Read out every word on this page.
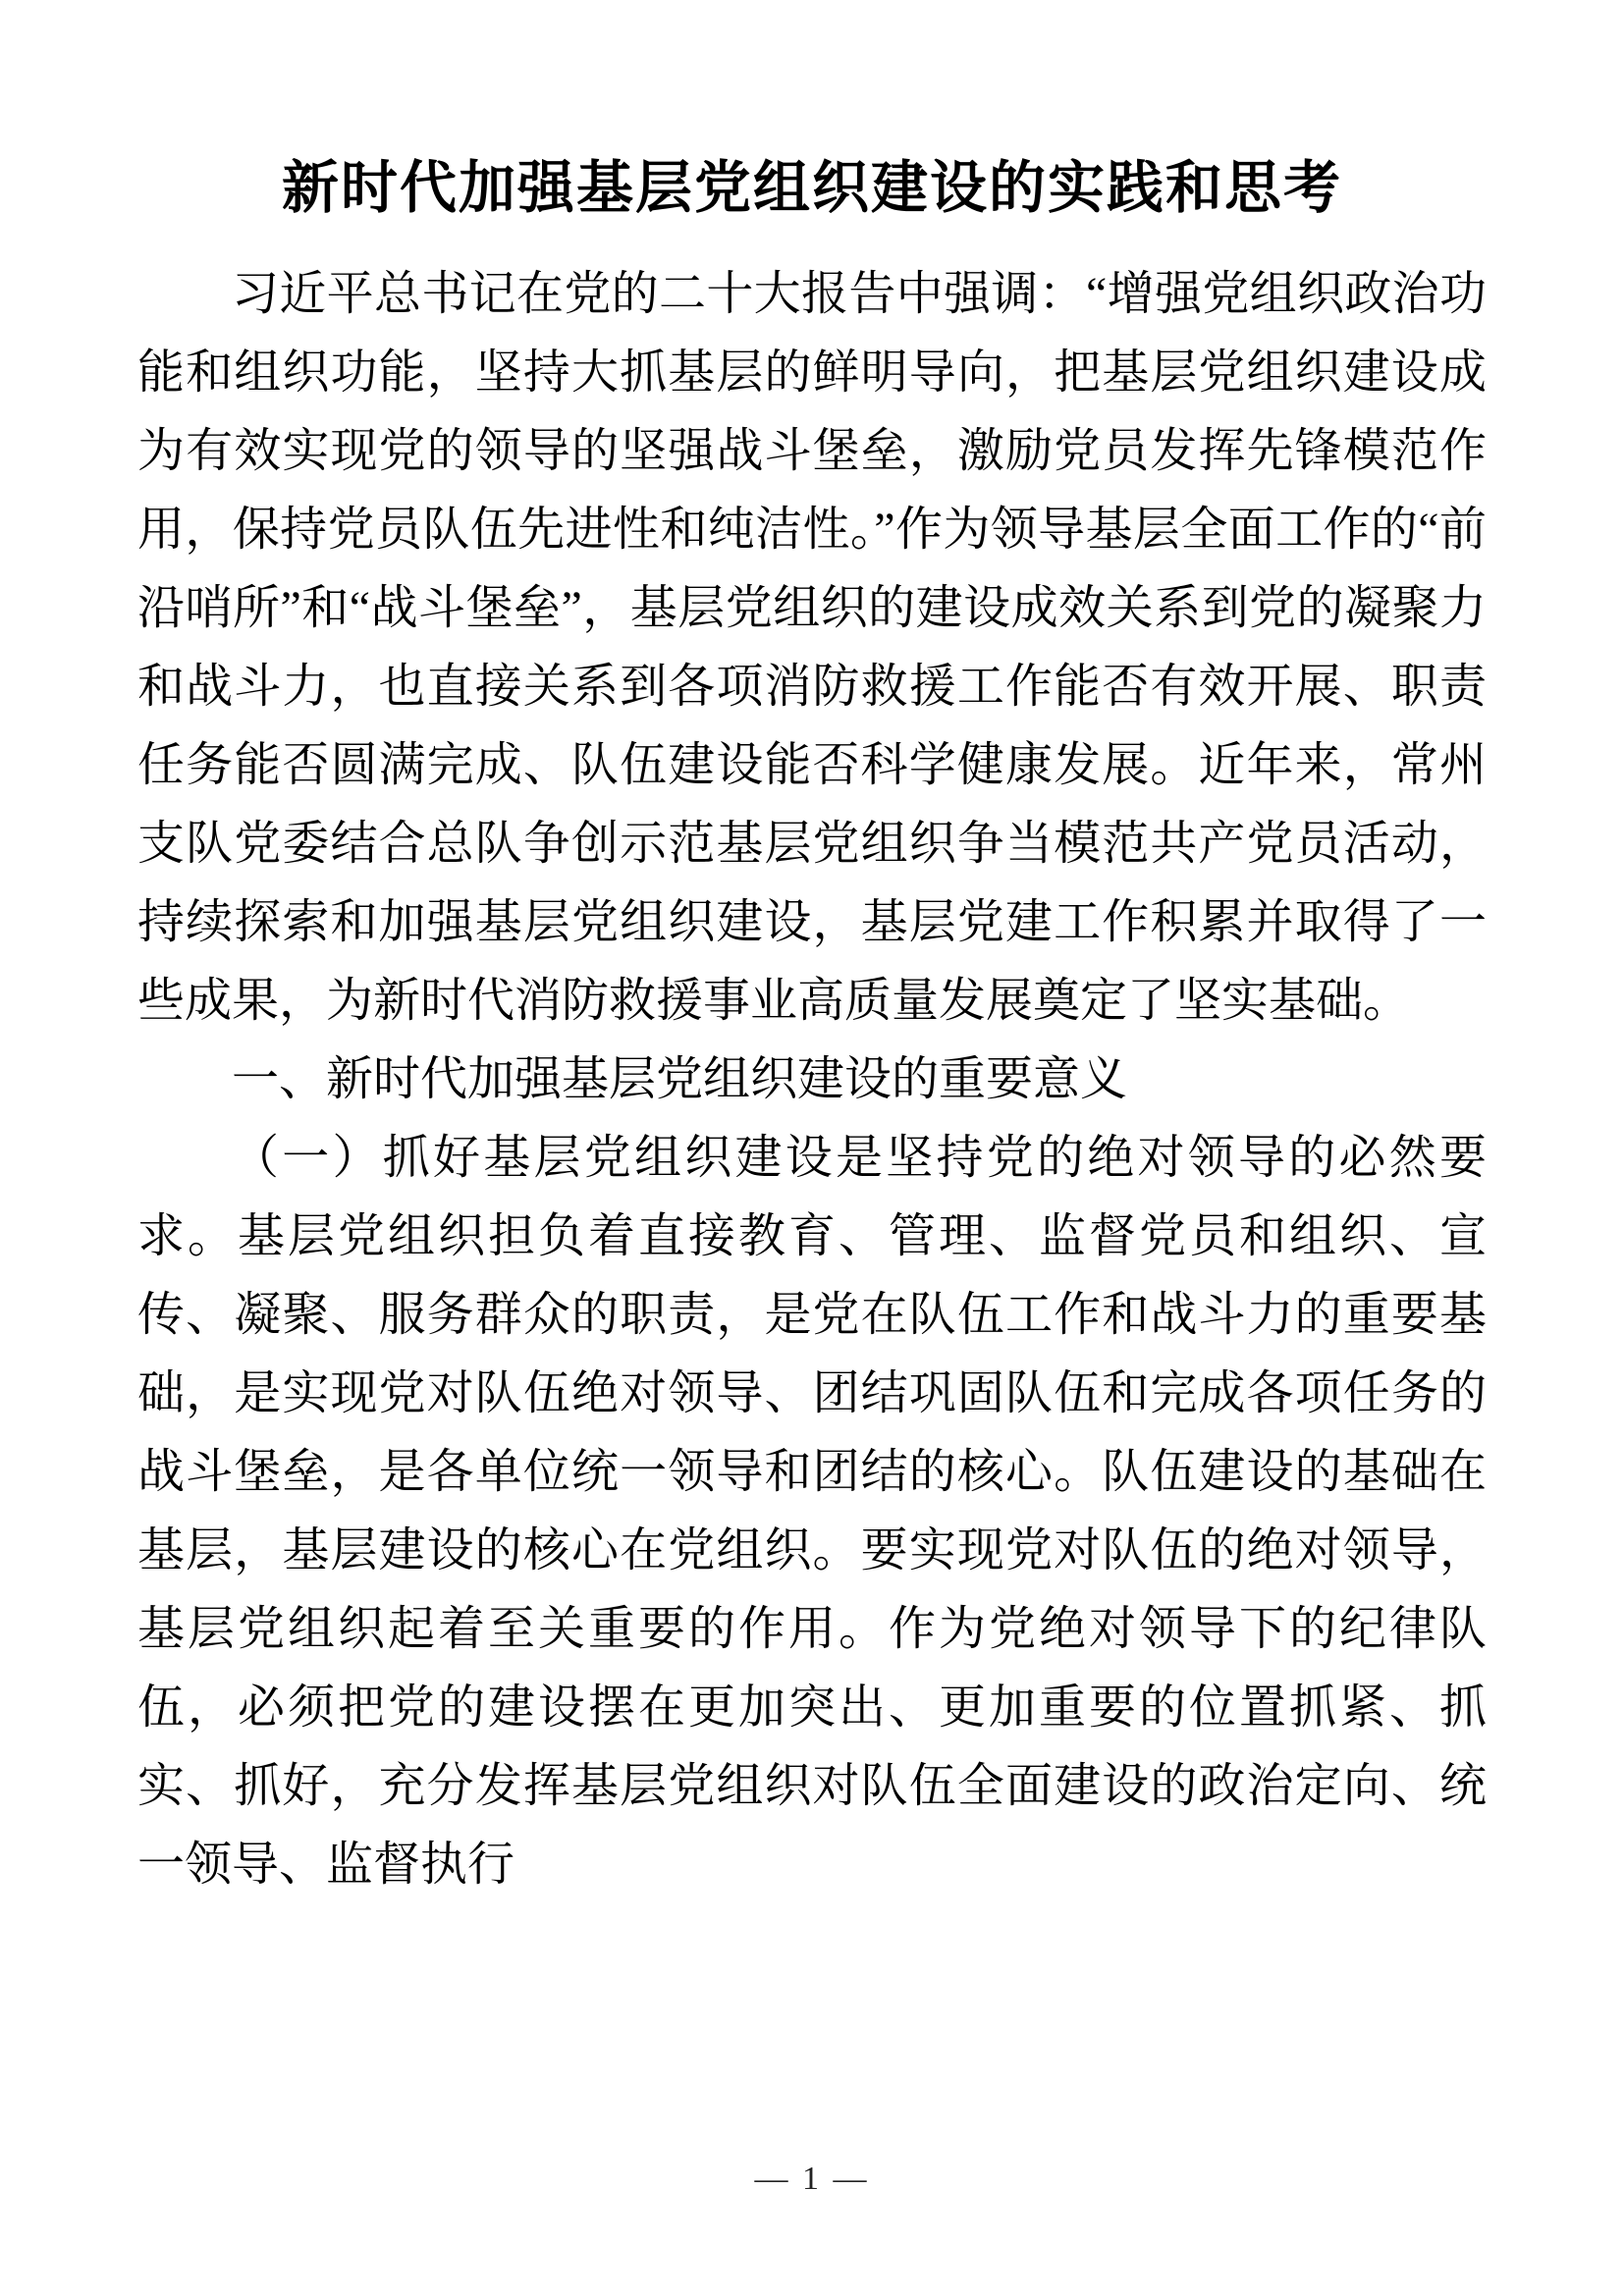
新时代加强基层党组织建设的实践和思考

习近平总书记在党的二十大报告中强调：“增强党组织政治功能和组织功能，坚持大抓基层的鲜明导向，把基层党组织建设成为有效实现党的领导的坚强战斗堡垒，激励党员发挥先锋模范作用，保持党员队伍先进性和纯洁性。”作为领导基层全面工作的“前沿哨所”和“战斗堡垒”，基层党组织的建设成效关系到党的凝聚力和战斗力，也直接关系到各项消防救援工作能否有效开展、职责任务能否圆满完成、队伍建设能否科学健康发展。近年来，常州支队党委结合总队争创示范基层党组织争当模范共产党员活动，持续探索和加强基层党组织建设，基层党建工作积累并取得了一些成果，为新时代消防救援事业高质量发展奠定了坚实基础。

一、新时代加强基层党组织建设的重要意义

（一）抓好基层党组织建设是坚持党的绝对领导的必然要求。基层党组织担负着直接教育、管理、监督党员和组织、宣传、凝聚、服务群众的职责，是党在队伍工作和战斗力的重要基础，是实现党对队伍绝对领导、团结巩固队伍和完成各项任务的战斗堡垒，是各单位统一领导和团结的核心。队伍建设的基础在基层，基层建设的核心在党组织。要实现党对队伍的绝对领导，基层党组织起着至关重要的作用。作为党绝对领导下的纪律队伍，必须把党的建设摆在更加突出、更加重要的位置抓紧、抓实、抓好，充分发挥基层党组织对队伍全面建设的政治定向、统一领导、监督执行

— 1 —
